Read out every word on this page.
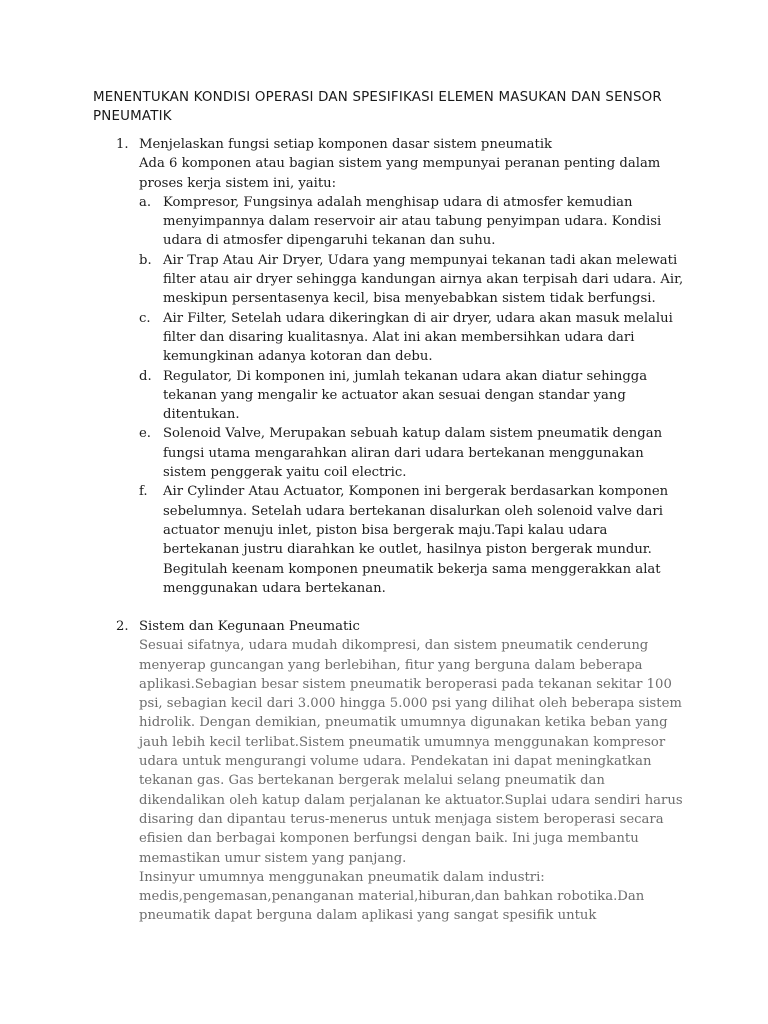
MENENTUKAN KONDISI OPERASI DAN SPESIFIKASI ELEMEN MASUKAN DAN SENSOR PNEUMATIK
1. Menjelaskan fungsi setiap komponen dasar sistem pneumatik
Ada 6 komponen atau bagian sistem yang mempunyai peranan penting dalam proses kerja sistem ini, yaitu:
a. Kompresor, Fungsinya adalah menghisap udara di atmosfer kemudian menyimpannya dalam reservoir air atau tabung penyimpan udara. Kondisi udara di atmosfer dipengaruhi tekanan dan suhu.
b. Air Trap Atau Air Dryer, Udara yang mempunyai tekanan tadi akan melewati filter atau air dryer sehingga kandungan airnya akan terpisah dari udara. Air, meskipun persentasenya kecil, bisa menyebabkan sistem tidak berfungsi.
c. Air Filter, Setelah udara dikeringkan di air dryer, udara akan masuk melalui filter dan disaring kualitasnya. Alat ini akan membersihkan udara dari kemungkinan adanya kotoran dan debu.
d. Regulator, Di komponen ini, jumlah tekanan udara akan diatur sehingga tekanan yang mengalir ke actuator akan sesuai dengan standar yang ditentukan.
e. Solenoid Valve, Merupakan sebuah katup dalam sistem pneumatik dengan fungsi utama mengarahkan aliran dari udara bertekanan menggunakan sistem penggerak yaitu coil electric.
f. Air Cylinder Atau Actuator, Komponen ini bergerak berdasarkan komponen sebelumnya. Setelah udara bertekanan disalurkan oleh solenoid valve dari actuator menuju inlet, piston bisa bergerak maju.Tapi kalau udara bertekanan justru diarahkan ke outlet, hasilnya piston bergerak mundur. Begitulah keenam komponen pneumatik bekerja sama menggerakkan alat menggunakan udara bertekanan.
2. Sistem dan Kegunaan Pneumatic
Sesuai sifatnya, udara mudah dikompresi, dan sistem pneumatik cenderung menyerap guncangan yang berlebihan, fitur yang berguna dalam beberapa aplikasi.Sebagian besar sistem pneumatik beroperasi pada tekanan sekitar 100 psi, sebagian kecil dari 3.000 hingga 5.000 psi yang dilihat oleh beberapa sistem hidrolik. Dengan demikian, pneumatik umumnya digunakan ketika beban yang jauh lebih kecil terlibat.Sistem pneumatik umumnya menggunakan kompresor udara untuk mengurangi volume udara. Pendekatan ini dapat meningkatkan tekanan gas. Gas bertekanan bergerak melalui selang pneumatik dan dikendalikan oleh katup dalam perjalanan ke aktuator.Suplai udara sendiri harus disaring dan dipantau terus-menerus untuk menjaga sistem beroperasi secara efisien dan berbagai komponen berfungsi dengan baik. Ini juga membantu memastikan umur sistem yang panjang.
Insinyur umumnya menggunakan pneumatik dalam industri: medis,pengemasan,penanganan material,hiburan,dan bahkan robotika.Dan pneumatik dapat berguna dalam aplikasi yang sangat spesifik untuk
